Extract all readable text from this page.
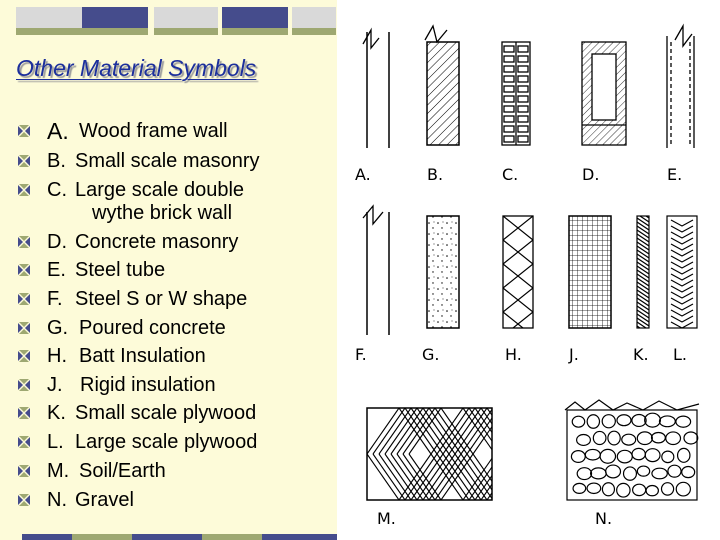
Other Material Symbols
A. Wood frame wall
B. Small scale masonry
C. Large scale double
wythe brick wall
D. Concrete masonry
E. Steel tube
F. Steel S or W shape
G. Poured concrete
H. Batt Insulation
J. Rigid insulation
K. Small scale plywood
L. Large scale plywood
M. Soil/Earth
N. Gravel
A.	B.	C.	D.	E.
F.	G.	H.	J.	K. L.
M.	N.
